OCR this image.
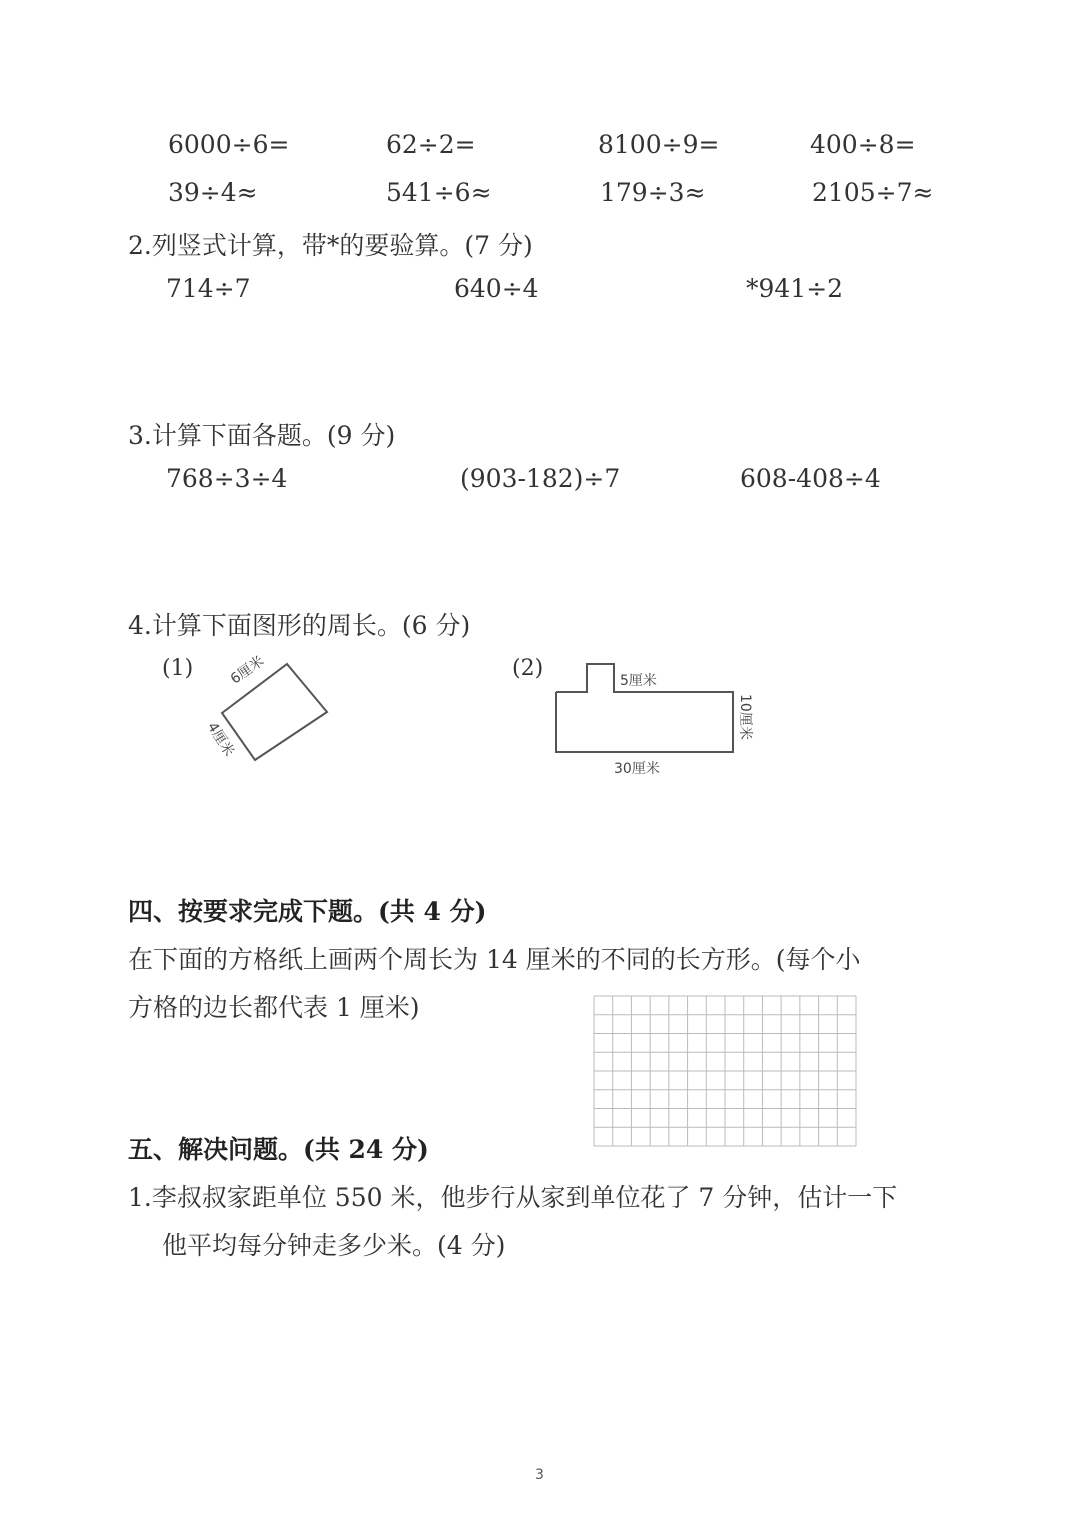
6000÷6=	62÷2=	8100÷9=	400÷8=
39÷4≈	541÷6≈	179÷3≈	2105÷7≈
2.列竖式计算，带*的要验算。(7 分)
714÷7	640÷4	*941÷2
3.计算下面各题。(9 分)
768÷3÷4	(903-182)÷7	608-408÷4
4.计算下面图形的周长。(6 分)
(1)	(2)
6厘米
4厘米
5厘米
10厘米
30厘米
四、按要求完成下题。(共 4 分)
在下面的方格纸上画两个周长为 14 厘米的不同的长方形。(每个小
方格的边长都代表 1 厘米)
五、解决问题。(共 24 分)
1.李叔叔家距单位 550 米，他步行从家到单位花了 7 分钟，估计一下
他平均每分钟走多少米。(4 分)
3
